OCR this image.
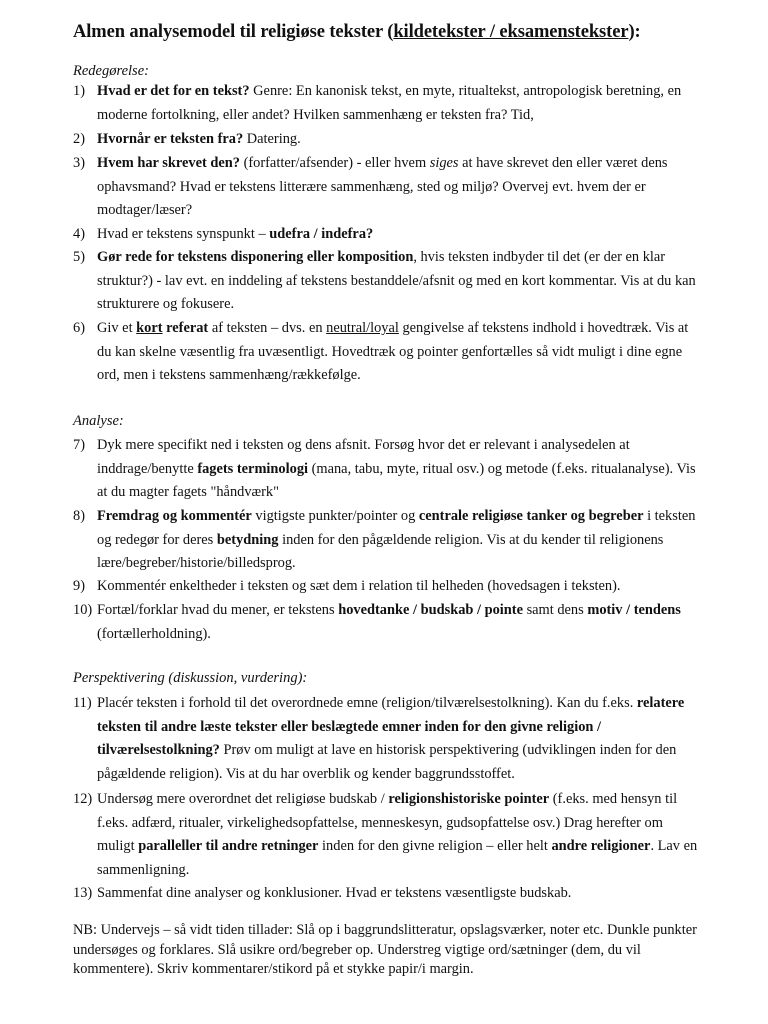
Almen analysemodel til religiøse tekster (kildetekster / eksamenstekster):

Redegørelse:

1) Hvad er det for en tekst? Genre: En kanonisk tekst, en myte, ritualtekst, antropologisk beretning, en moderne fortolkning, eller andet? Hvilken sammenhæng er teksten fra? Tid,
2) Hvornår er teksten fra? Datering.
3) Hvem har skrevet den? (forfatter/afsender) - eller hvem siges at have skrevet den eller været dens ophavsmand? Hvad er tekstens litterære sammenhæng, sted og miljø? Overvej evt. hvem der er modtager/læser?
4) Hvad er tekstens synspunkt – udefra / indefra?
5) Gør rede for tekstens disponering eller komposition, hvis teksten indbyder til det (er der en klar struktur?) - lav evt. en inddeling af tekstens bestanddele/afsnit og med en kort kommentar. Vis at du kan strukturere og fokusere.
6) Giv et kort referat af teksten – dvs. en neutral/loyal gengivelse af tekstens indhold i hovedtræk. Vis at du kan skelne væsentlig fra uvæsentligt. Hovedtræk og pointer genfortælles så vidt muligt i dine egne ord, men i tekstens sammenhæng/rækkefølge.

Analyse:

7) Dyk mere specifikt ned i teksten og dens afsnit. Forsøg hvor det er relevant i analysedelen at inddrage/benytte fagets terminologi (mana, tabu, myte, ritual osv.) og metode (f.eks. ritualanalyse). Vis at du magter fagets "håndværk"
8) Fremdrag og kommentér vigtigste punkter/pointer og centrale religiøse tanker og begreber i teksten og redegør for deres betydning inden for den pågældende religion. Vis at du kender til religionens lære/begreber/historie/billedsprog.
9) Kommentér enkeltheder i teksten og sæt dem i relation til helheden (hovedsagen i teksten).
10) Fortæl/forklar hvad du mener, er tekstens hovedtanke / budskab / pointe samt dens motiv / tendens (fortællerholdning).

Perspektivering (diskussion, vurdering):

11) Placér teksten i forhold til det overordnede emne (religion/tilværelsestolkning). Kan du f.eks. relatere teksten til andre læste tekster eller beslægtede emner inden for den givne religion / tilværelsestolkning? Prøv om muligt at lave en historisk perspektivering (udviklingen inden for den pågældende religion). Vis at du har overblik og kender baggrundsstoffet.
12) Undersøg mere overordnet det religiøse budskab / religionshistoriske pointer (f.eks. med hensyn til f.eks. adfærd, ritualer, virkelighedsopfattelse, menneskesyn, gudsopfattelse osv.) Drag herefter om muligt paralleller til andre retninger inden for den givne religion – eller helt andre religioner. Lav en sammenligning.
13) Sammenfat dine analyser og konklusioner. Hvad er tekstens væsentligste budskab.
NB: Undervejs – så vidt tiden tillader: Slå op i baggrundslitteratur, opslagsværker, noter etc. Dunkle punkter undersøges og forklares. Slå usikre ord/begreber op. Understreg vigtige ord/sætninger (dem, du vil kommentere). Skriv kommentarer/stikord på et stykke papir/i margin.
